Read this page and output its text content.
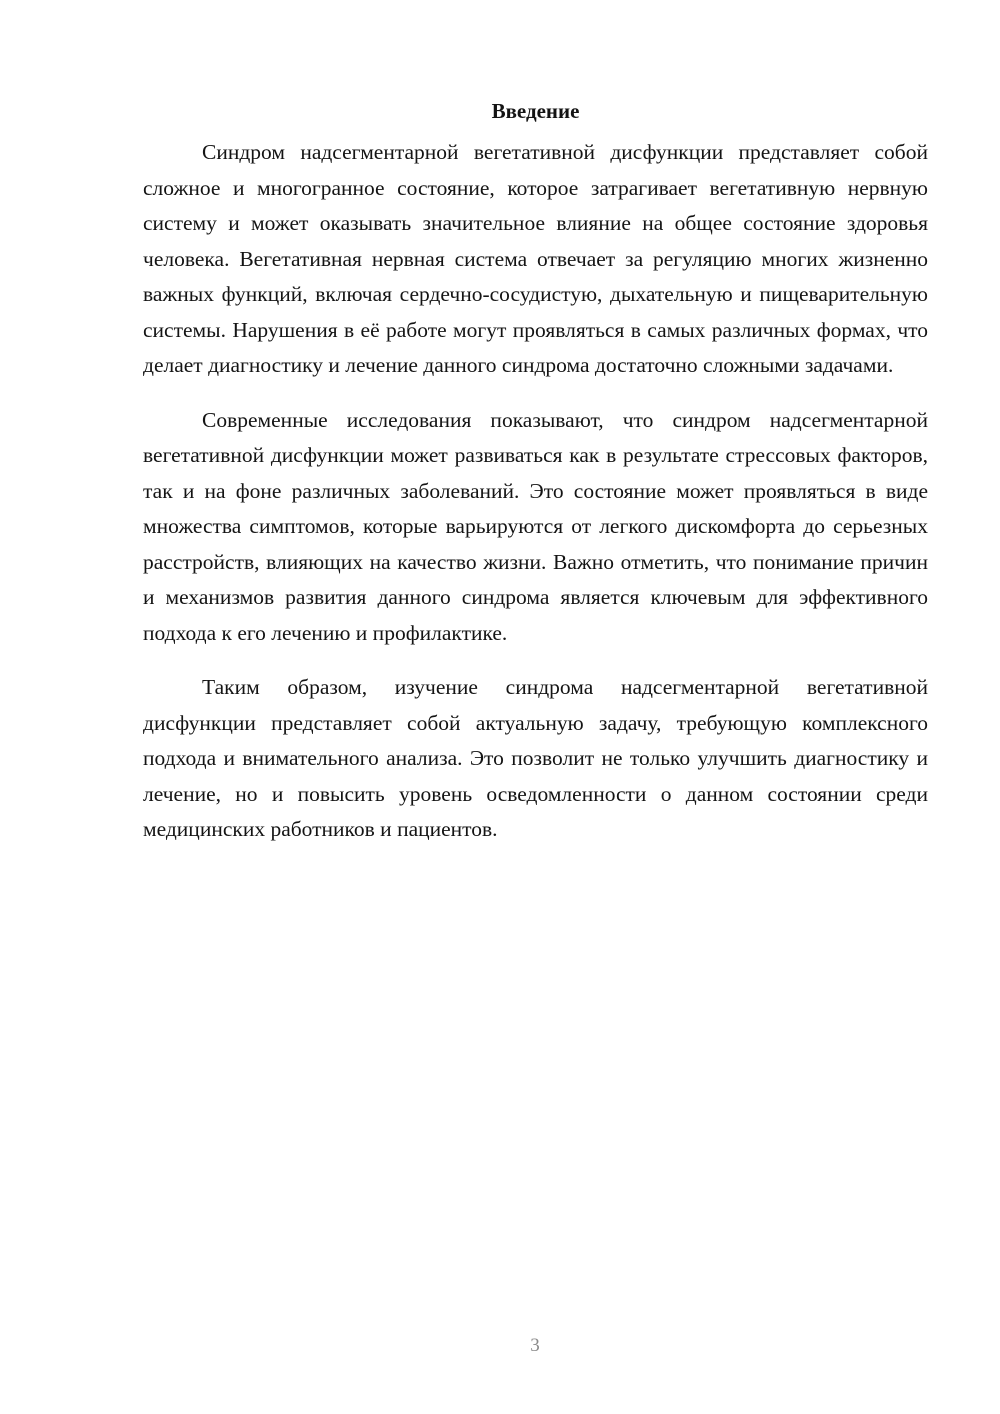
Введение

Синдром надсегментарной вегетативной дисфункции представляет собой сложное и многогранное состояние, которое затрагивает вегетативную нервную систему и может оказывать значительное влияние на общее состояние здоровья человека. Вегетативная нервная система отвечает за регуляцию многих жизненно важных функций, включая сердечно-сосудистую, дыхательную и пищеварительную системы. Нарушения в её работе могут проявляться в самых различных формах, что делает диагностику и лечение данного синдрома достаточно сложными задачами.

Современные исследования показывают, что синдром надсегментарной вегетативной дисфункции может развиваться как в результате стрессовых факторов, так и на фоне различных заболеваний. Это состояние может проявляться в виде множества симптомов, которые варьируются от легкого дискомфорта до серьезных расстройств, влияющих на качество жизни. Важно отметить, что понимание причин и механизмов развития данного синдрома является ключевым для эффективного подхода к его лечению и профилактике.

Таким образом, изучение синдрома надсегментарной вегетативной дисфункции представляет собой актуальную задачу, требующую комплексного подхода и внимательного анализа. Это позволит не только улучшить диагностику и лечение, но и повысить уровень осведомленности о данном состоянии среди медицинских работников и пациентов.

3
